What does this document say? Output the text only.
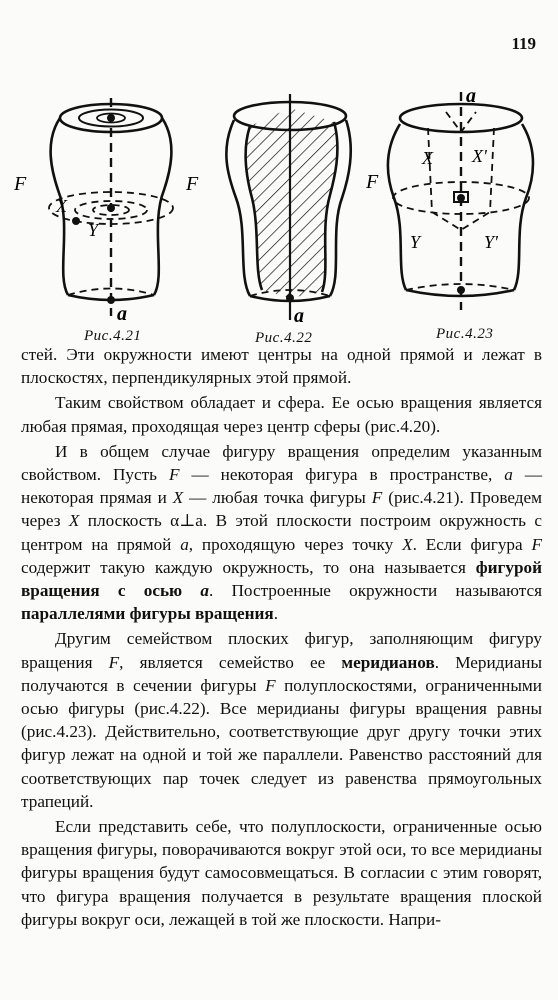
119
F
X
Y
a
Рис.4.21
F
a
Рис.4.22
F
a
X X'
Y	Y'
Рис.4.23

стей. Эти окружности имеют центры на одной прямой и лежат в плоскостях, перпендикулярных этой прямой.

Таким свойством обладает и сфера. Ее осью вращения является любая прямая, проходящая через центр сферы (рис.4.20).

И в общем случае фигуру вращения определим указанным свойством. Пусть F — некоторая фигура в пространстве, a — некоторая прямая и X — любая точка фигуры F (рис.4.21). Проведем через X плоскость α⊥a. В этой плоскости построим окружность с центром на прямой a, проходящую через точку X. Если фигура F содержит такую каждую окружность, то она называется фигурой вращения с осью a. Построенные окружности называются параллелями фигуры вращения.

Другим семейством плоских фигур, заполняющим фигуру вращения F, является семейство ее меридианов. Меридианы получаются в сечении фигуры F полуплоскостями, ограниченными осью фигуры (рис.4.22). Все меридианы фигуры вращения равны (рис.4.23). Действительно, соответствующие друг другу точки этих фигур лежат на одной и той же параллели. Равенство расстояний для соответствующих пар точек следует из равенства прямоугольных трапеций.

Если представить себе, что полуплоскости, ограниченные осью вращения фигуры, поворачиваются вокруг этой оси, то все меридианы фигуры вращения будут самосовмещаться. В согласии с этим говорят, что фигура вращения получается в результате вращения плоской фигуры вокруг оси, лежащей в той же плоскости. Напри-
